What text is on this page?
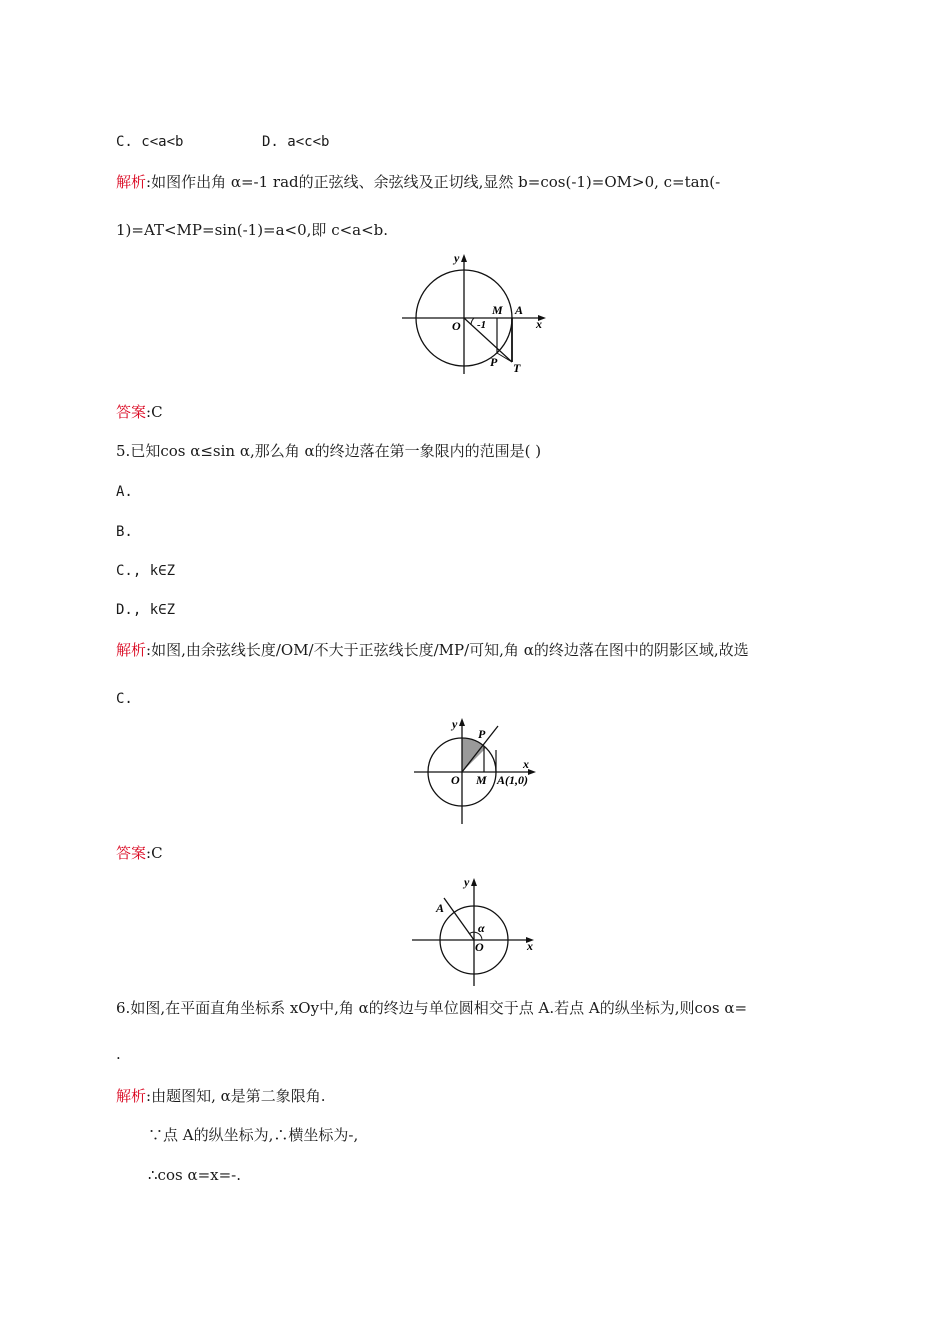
C. c<a<b	D. a<c<b
解析:如图作出角 α=-1 rad的正弦线、余弦线及正切线,显然 b=cos(-1)=OM>0, c=tan(-
1)=AT<MP=sin(-1)=a<0,即 c<a<b.
y
M A
O -1	x
P T
答案:C
5.已知cos α≤sin α,那么角 α的终边落在第一象限内的范围是( )
A.
B.
C., k∈Z
D., k∈Z
解析:如图,由余弦线长度/OM/不大于正弦线长度/MP/可知,角 α的终边落在图中的阴影区域,故选
C.
y
P
x
O M A(1,0)
答案:C
y
A
α
O	x
6.如图,在平面直角坐标系 xOy中,角 α的终边与单位圆相交于点 A.若点 A的纵坐标为,则cos α=
.
解析:由题图知, α是第二象限角.
∵点 A的纵坐标为,∴横坐标为-,
∴cos α=x=-.
